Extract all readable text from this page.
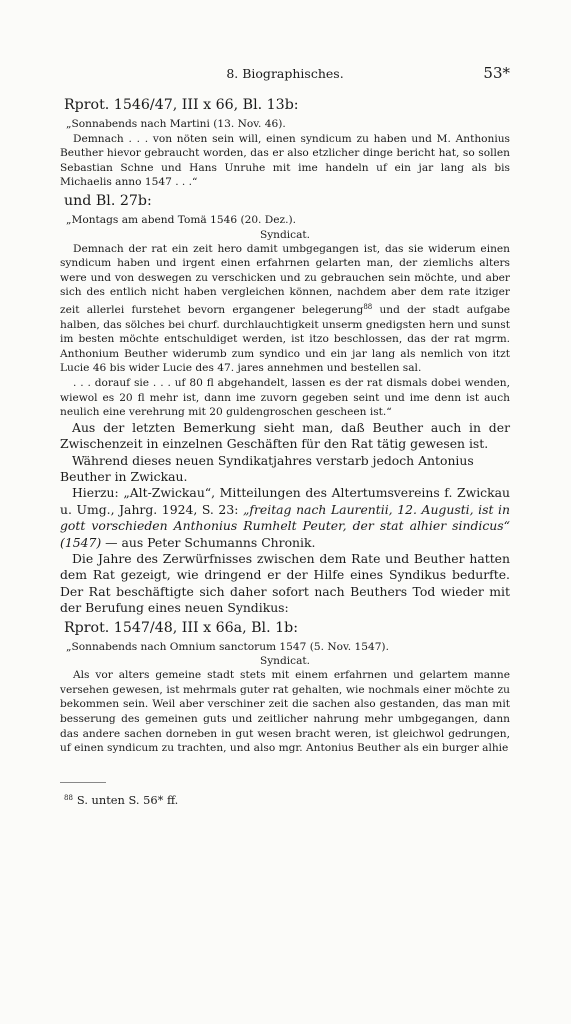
8. Biographisches.	53*
Rprot. 1546/47, III x 66, Bl. 13b:

„Sonnabends nach Martini (13. Nov. 46).

Demnach . . . von nöten sein will, einen syndicum zu haben und M. Anthonius Beuther hievor gebraucht worden, das er also etzlicher dinge bericht hat, so sollen Sebastian Schne und Hans Unruhe mit ime handeln uf ein jar lang als bis Michaelis anno 1547 . . .“

und Bl. 27b:

„Montags am abend Tomä 1546 (20. Dez.).

Syndicat.

Demnach der rat ein zeit hero damit umbgegangen ist, das sie widerum einen syndicum haben und irgent einen erfahrnen gelarten man, der ziemlichs alters were und von deswegen zu verschicken und zu gebrauchen sein möchte, und aber sich des entlich nicht haben vergleichen können, nachdem aber dem rate itziger zeit allerlei furstehet bevorn ergangener belegerung$^{88}$ und der stadt aufgabe halben, das sölches bei churf. durchlauchtigkeit unserm gnedigsten hern und sunst im besten möchte entschuldiget werden, ist itzo beschlossen, das der rat mgrm. Anthonium Beuther widerumb zum syndico und ein jar lang als nemlich von itzt Lucie 46 bis wider Lucie des 47. jares annehmen und bestellen sal.

. . . dorauf sie . . . uf 80 fl abgehandelt, lassen es der rat dismals dobei wenden, wiewol es 20 fl mehr ist, dann ime zuvorn gegeben seint und ime denn ist auch neulich eine verehrung mit 20 guldengroschen gescheen ist.“

Aus der letzten Bemerkung sieht man, daß Beuther auch in der Zwischenzeit in einzelnen Geschäften für den Rat tätig gewesen ist.

Während dieses neuen Syndikatjahres verstarb jedoch Antonius Beuther in Zwickau.

Hierzu: „Alt-Zwickau“, Mitteilungen des Altertumsvereins f. Zwickau u. Umg., Jahrg. 1924, S. 23: „freitag nach Laurentii, 12. Augusti, ist in gott vorschieden Anthonius Rumhelt Peuter, der stat alhier sindicus“ (1547) — aus Peter Schumanns Chronik.

Die Jahre des Zerwürfnisses zwischen dem Rate und Beuther hatten dem Rat gezeigt, wie dringend er der Hilfe eines Syndikus bedurfte. Der Rat beschäftigte sich daher sofort nach Beuthers Tod wieder mit der Berufung eines neuen Syndikus:

Rprot. 1547/48, III x 66a, Bl. 1b:

„Sonnabends nach Omnium sanctorum 1547 (5. Nov. 1547).

Syndicat.

Als vor alters gemeine stadt stets mit einem erfahrnen und gelartem manne versehen gewesen, ist mehrmals guter rat gehalten, wie nochmals einer möchte zu bekommen sein. Weil aber verschiner zeit die sachen also gestanden, das man mit besserung des gemeinen guts und zeitlicher nahrung mehr umbgegangen, dann das andere sachen dorneben in gut wesen bracht weren, ist gleichwol gedrungen, uf einen syndicum zu trachten, und also mgr. Antonius Beuther als ein burger alhie

$^{88}$ S. unten S. 56* ff.
